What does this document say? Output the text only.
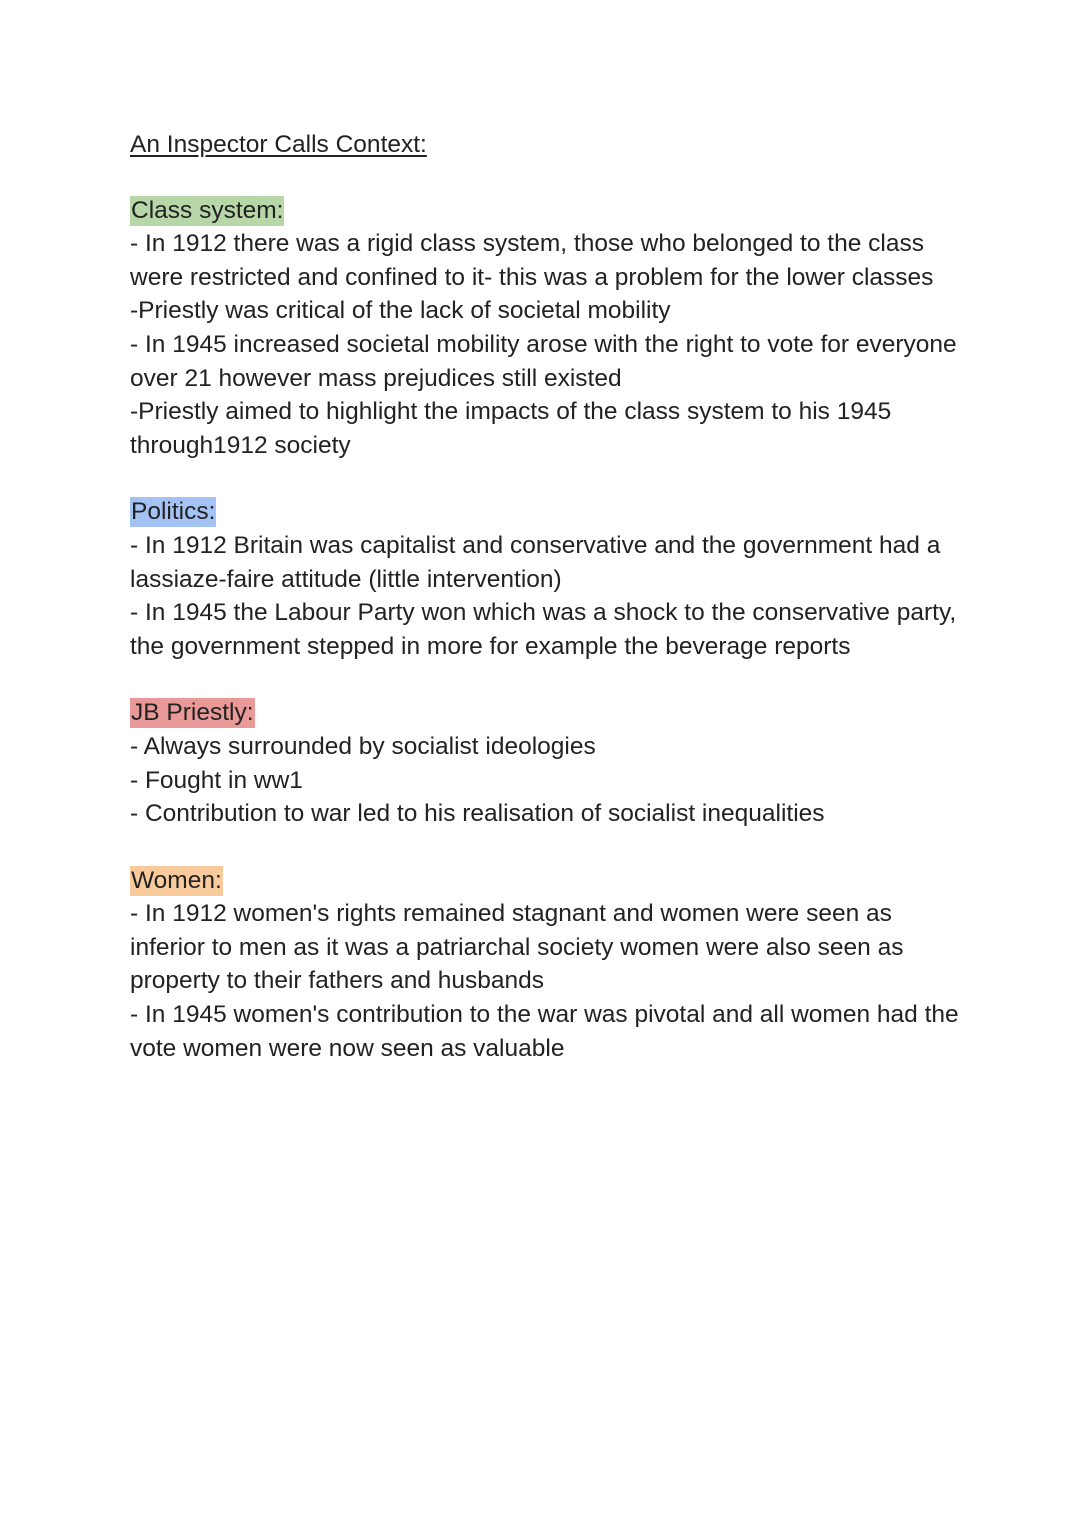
An Inspector Calls Context:

Class system:

- In 1912 there was a rigid class system, those who belonged to the class were restricted and confined to it- this was a problem for the lower classes

-Priestly was critical of the lack of societal mobility

- In 1945 increased societal mobility arose with the right to vote for everyone over 21 however mass prejudices still existed

-Priestly aimed to highlight the impacts of the class system to his 1945 through1912 society

Politics:

- In 1912 Britain was capitalist and conservative and the government had a lassiaze-faire attitude (little intervention)

- In 1945 the Labour Party won which was a shock to the conservative party, the government stepped in more for example the beverage reports

JB Priestly:

- Always surrounded by socialist ideologies

- Fought in ww1

- Contribution to war led to his realisation of socialist inequalities

Women:

- In 1912 women's rights remained stagnant and women were seen as inferior to men as it was a patriarchal society women were also seen as property to their fathers and husbands

- In 1945 women's contribution to the war was pivotal and all women had the vote women were now seen as valuable
